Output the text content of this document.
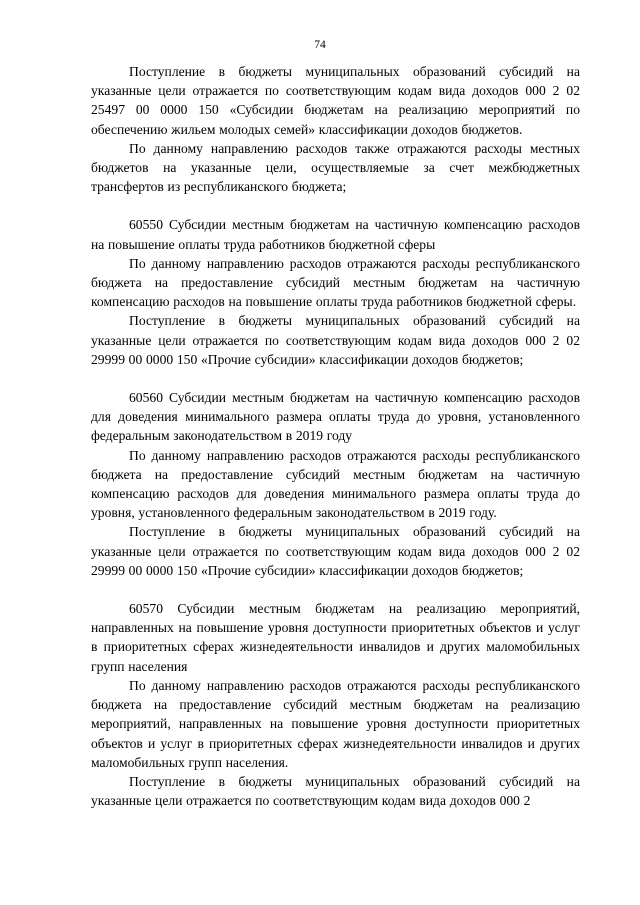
74

Поступление в бюджеты муниципальных образований субсидий на указанные цели отражается по соответствующим кодам вида доходов 000 2 02 25497 00 0000 150 «Субсидии бюджетам на реализацию мероприятий по обеспечению жильем молодых семей» классификации доходов бюджетов.

По данному направлению расходов также отражаются расходы местных бюджетов на указанные цели, осуществляемые за счет межбюджетных трансфертов из республиканского бюджета;

60550 Субсидии местным бюджетам на частичную компенсацию расходов на повышение оплаты труда работников бюджетной сферы

По данному направлению расходов отражаются расходы республиканского бюджета на предоставление субсидий местным бюджетам на частичную компенсацию расходов на повышение оплаты труда работников бюджетной сферы.

Поступление в бюджеты муниципальных образований субсидий на указанные цели отражается по соответствующим кодам вида доходов 000 2 02 29999 00 0000 150 «Прочие субсидии» классификации доходов бюджетов;

60560 Субсидии местным бюджетам на частичную компенсацию расходов для доведения минимального размера оплаты труда до уровня, установленного федеральным законодательством в 2019 году

По данному направлению расходов отражаются расходы республиканского бюджета на предоставление субсидий местным бюджетам на частичную компенсацию расходов для доведения минимального размера оплаты труда до уровня, установленного федеральным законодательством в 2019 году.

Поступление в бюджеты муниципальных образований субсидий на указанные цели отражается по соответствующим кодам вида доходов 000 2 02 29999 00 0000 150 «Прочие субсидии» классификации доходов бюджетов;

60570 Субсидии местным бюджетам на реализацию мероприятий, направленных на повышение уровня доступности приоритетных объектов и услуг в приоритетных сферах жизнедеятельности инвалидов и других маломобильных групп населения

По данному направлению расходов отражаются расходы республиканского бюджета на предоставление субсидий местным бюджетам на реализацию мероприятий, направленных на повышение уровня доступности приоритетных объектов и услуг в приоритетных сферах жизнедеятельности инвалидов и других маломобильных групп населения.

Поступление в бюджеты муниципальных образований субсидий на указанные цели отражается по соответствующим кодам вида доходов 000 2
